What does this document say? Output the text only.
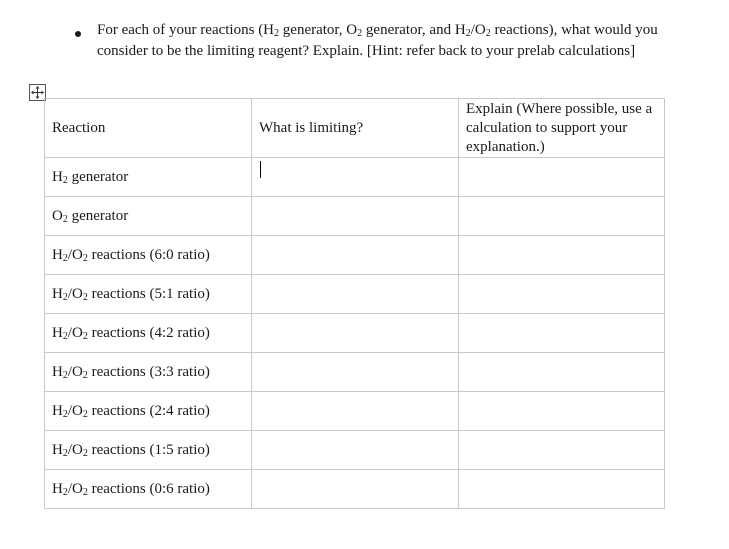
For each of your reactions ($H_2$ generator, $O_2$ generator, and $H_2/O_2$ reactions), what would you consider to be the limiting reagent? Explain. [Hint: refer back to your prelab calculations]
Reaction	What is limiting?	Explain (Where possible, use a calculation to support your explanation.)
$H_2$ generator		
$O_2$ generator		
$H_2/O_2$ reactions (6:0 ratio)		
$H_2/O_2$ reactions (5:1 ratio)		
$H_2/O_2$ reactions (4:2 ratio)		
$H_2/O_2$ reactions (3:3 ratio)		
$H_2/O_2$ reactions (2:4 ratio)		
$H_2/O_2$ reactions (1:5 ratio)		
$H_2/O_2$ reactions (0:6 ratio)		
